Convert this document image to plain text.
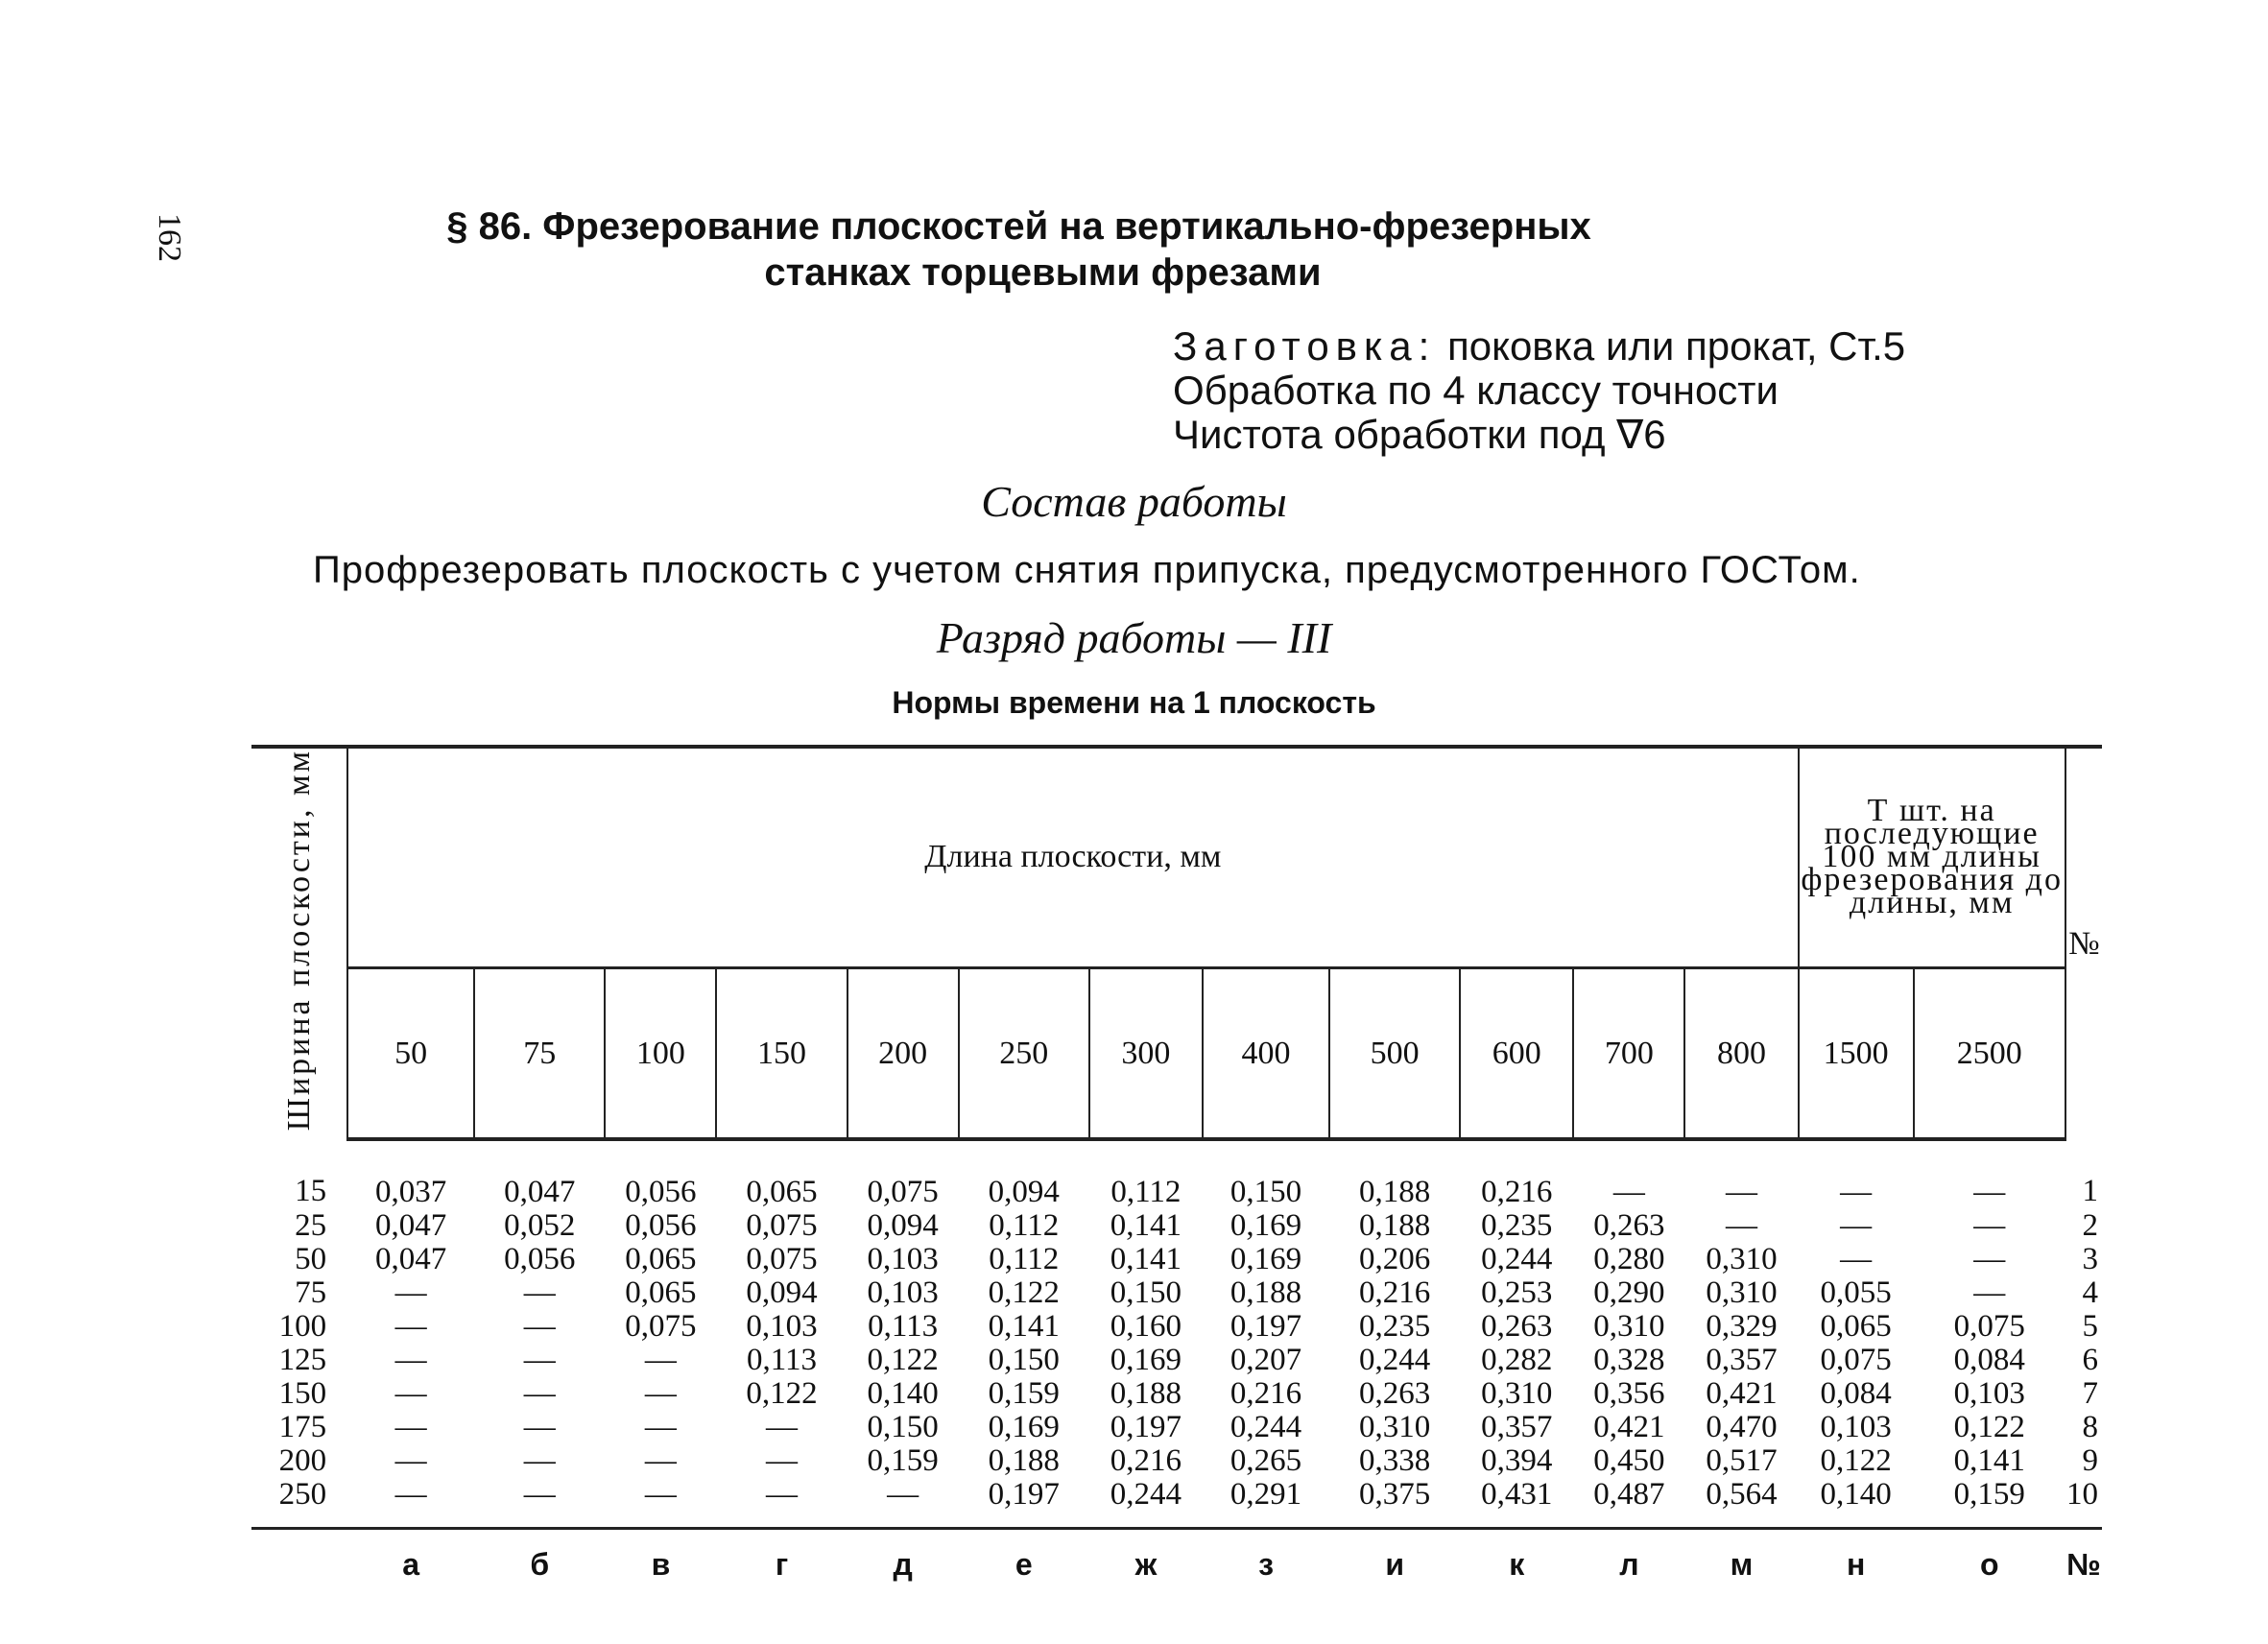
162	§ 86. Фрезерование плоскостей на вертикально-фрезерных
станках торцевыми фрезами
Заготовка: поковка или прокат, Ст.5
Обработка по 4 классу точности
Чистота обработки под ∇6
Состав работы
Профрезеровать плоскость с учетом снятия припуска, предусмотренного ГОСТом.
Разряд работы — III
Нормы времени на 1 плоскость
Ширина плоскости, мм	Длина плоскости, мм												Т шт. на последующие 100 мм длины фрезерования до длины, мм		№
	50	75	100	150	200	250	300	400	500	600	700	800	1500	2500	
15	0,037	0,047	0,056	0,065	0,075	0,094	0,112	0,150	0,188	0,216	—	—	—	—	1
25	0,047	0,052	0,056	0,075	0,094	0,112	0,141	0,169	0,188	0,235	0,263	—	—	—	2
50	0,047	0,056	0,065	0,075	0,103	0,112	0,141	0,169	0,206	0,244	0,280	0,310	—	—	3
75	—	—	0,065	0,094	0,103	0,122	0,150	0,188	0,216	0,253	0,290	0,310	0,055	—	4
100	—	—	0,075	0,103	0,113	0,141	0,160	0,197	0,235	0,263	0,310	0,329	0,065	0,075	5
125	—	—	—	0,113	0,122	0,150	0,169	0,207	0,244	0,282	0,328	0,357	0,075	0,084	6
150	—	—	—	0,122	0,140	0,159	0,188	0,216	0,263	0,310	0,356	0,421	0,084	0,103	7
175	—	—	—	—	0,150	0,169	0,197	0,244	0,310	0,357	0,421	0,470	0,103	0,122	8
200	—	—	—	—	0,159	0,188	0,216	0,265	0,338	0,394	0,450	0,517	0,122	0,141	9
250	—	—	—	—	—	0,197	0,244	0,291	0,375	0,431	0,487	0,564	0,140	0,159	10
	а	б	в	г	д	е	ж	з	и	к	л	м	н	о	№
